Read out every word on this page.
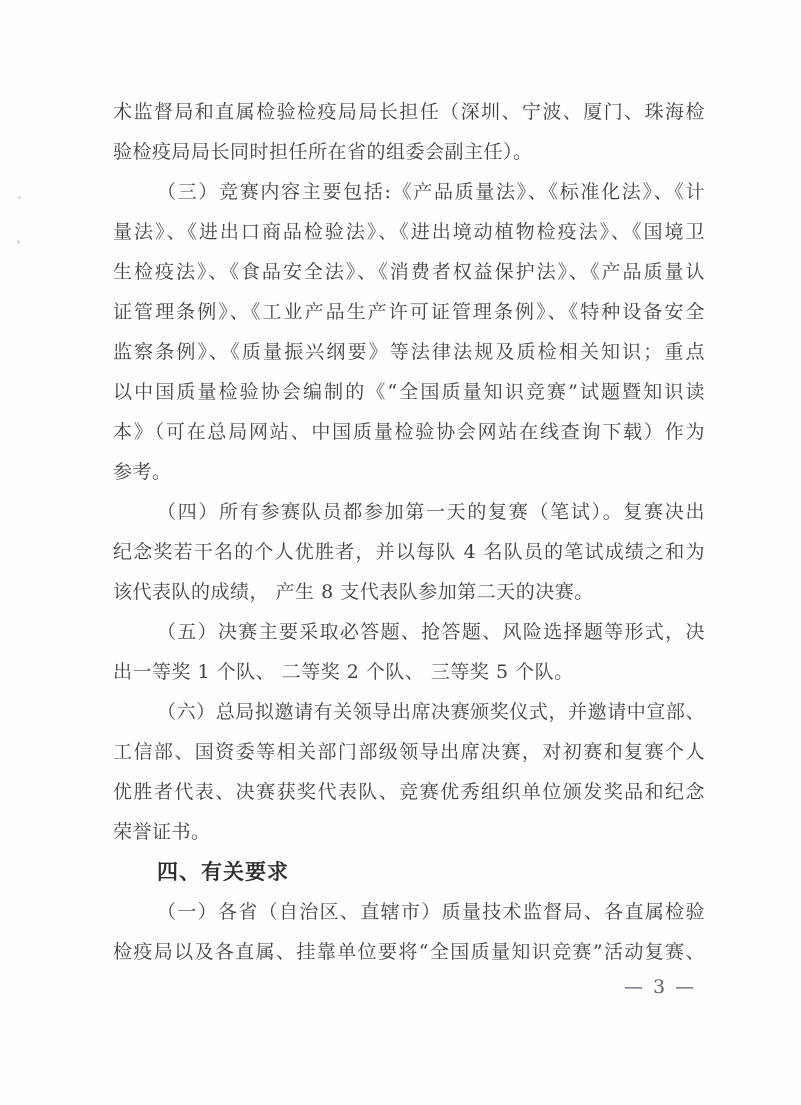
术监督局和直属检验检疫局局长担任（深圳、宁波、厦门、珠海检
验检疫局局长同时担任所在省的组委会副主任）。
（三）竞赛内容主要包括:《产品质量法》、《标准化法》、《计
量法》、《进出口商品检验法》、《进出境动植物检疫法》、《国境卫
生检疫法》、《食品安全法》、《消费者权益保护法》、《产品质量认
证管理条例》、《工业产品生产许可证管理条例》、《特种设备安全
监察条例》、《质量振兴纲要》等法律法规及质检相关知识；重点
以中国质量检验协会编制的《“全国质量知识竞赛”试题暨知识读
本》（可在总局网站、中国质量检验协会网站在线查询下载）作为
参考。
（四）所有参赛队员都参加第一天的复赛（笔试）。复赛决出
纪念奖若干名的个人优胜者，并以每队 4 名队员的笔试成绩之和为
该代表队的成绩， 产生 8 支代表队参加第二天的决赛。
（五）决赛主要采取必答题、抢答题、风险选择题等形式，决
出一等奖 1 个队、 二等奖 2 个队、 三等奖 5 个队。
（六）总局拟邀请有关领导出席决赛颁奖仪式，并邀请中宣部、
工信部、国资委等相关部门部级领导出席决赛，对初赛和复赛个人
优胜者代表、决赛获奖代表队、竞赛优秀组织单位颁发奖品和纪念
荣誉证书。
四、有关要求
（一）各省（自治区、直辖市）质量技术监督局、各直属检验
检疫局以及各直属、挂靠单位要将“全国质量知识竞赛”活动复赛、
— 3 —
